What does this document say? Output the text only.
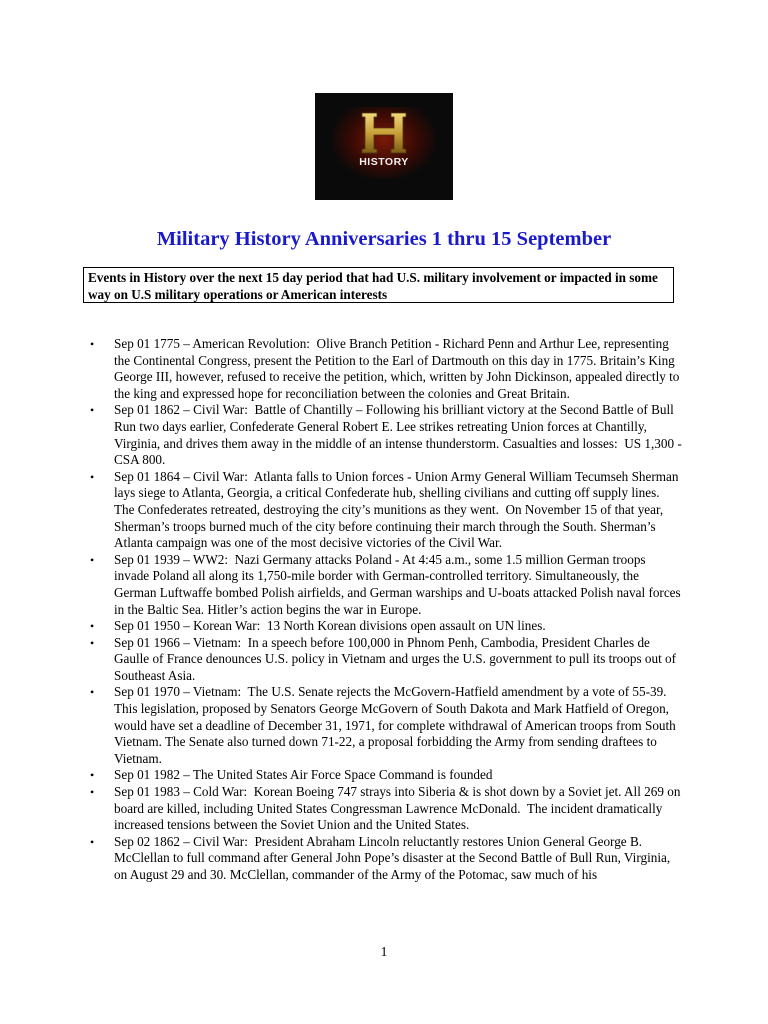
HISTORY
Military History Anniversaries 1 thru 15 September
Events in History over the next 15 day period that had U.S. military involvement or impacted in some way on U.S military operations or American interests
• Sep 01 1775 – American Revolution:  Olive Branch Petition - Richard Penn and Arthur Lee, representing the Continental Congress, present the Petition to the Earl of Dartmouth on this day in 1775. Britain’s King George III, however, refused to receive the petition, which, written by John Dickinson, appealed directly to the king and expressed hope for reconciliation between the colonies and Great Britain.
• Sep 01 1862 – Civil War:  Battle of Chantilly – Following his brilliant victory at the Second Battle of Bull Run two days earlier, Confederate General Robert E. Lee strikes retreating Union forces at Chantilly, Virginia, and drives them away in the middle of an intense thunderstorm. Casualties and losses:  US 1,300 - CSA 800.
• Sep 01 1864 – Civil War:  Atlanta falls to Union forces - Union Army General William Tecumseh Sherman lays siege to Atlanta, Georgia, a critical Confederate hub, shelling civilians and cutting off supply lines. The Confederates retreated, destroying the city’s munitions as they went.  On November 15 of that year, Sherman’s troops burned much of the city before continuing their march through the South. Sherman’s Atlanta campaign was one of the most decisive victories of the Civil War.
• Sep 01 1939 – WW2:  Nazi Germany attacks Poland - At 4:45 a.m., some 1.5 million German troops invade Poland all along its 1,750-mile border with German-controlled territory. Simultaneously, the German Luftwaffe bombed Polish airfields, and German warships and U-boats attacked Polish naval forces in the Baltic Sea. Hitler’s action begins the war in Europe.
• Sep 01 1950 – Korean War:  13 North Korean divisions open assault on UN lines.
• Sep 01 1966 – Vietnam:  In a speech before 100,000 in Phnom Penh, Cambodia, President Charles de Gaulle of France denounces U.S. policy in Vietnam and urges the U.S. government to pull its troops out of Southeast Asia.
• Sep 01 1970 – Vietnam:  The U.S. Senate rejects the McGovern-Hatfield amendment by a vote of 55-39. This legislation, proposed by Senators George McGovern of South Dakota and Mark Hatfield of Oregon, would have set a deadline of December 31, 1971, for complete withdrawal of American troops from South Vietnam. The Senate also turned down 71-22, a proposal forbidding the Army from sending draftees to Vietnam.
• Sep 01 1982 – The United States Air Force Space Command is founded
• Sep 01 1983 – Cold War:  Korean Boeing 747 strays into Siberia & is shot down by a Soviet jet. All 269 on board are killed, including United States Congressman Lawrence McDonald.  The incident dramatically increased tensions between the Soviet Union and the United States.
• Sep 02 1862 – Civil War:  President Abraham Lincoln reluctantly restores Union General George B. McClellan to full command after General John Pope’s disaster at the Second Battle of Bull Run, Virginia, on August 29 and 30. McClellan, commander of the Army of the Potomac, saw much of his
1
